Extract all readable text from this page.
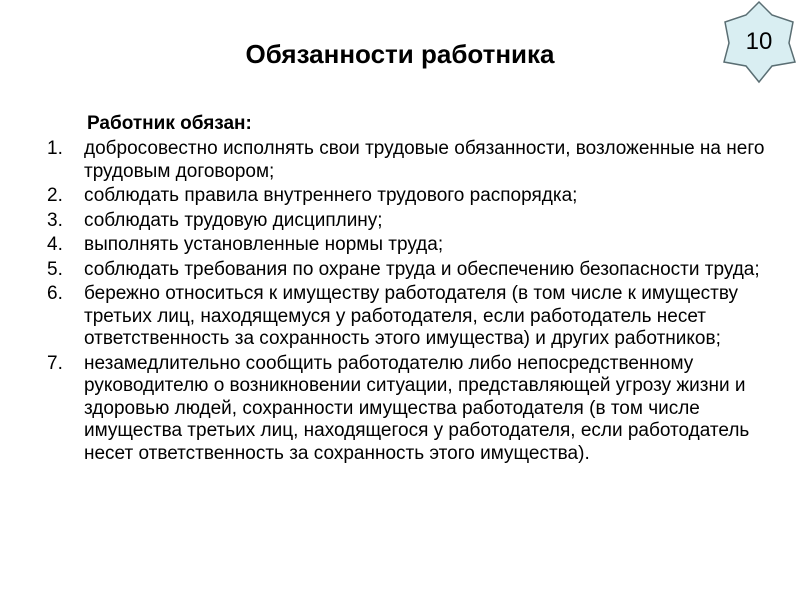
Обязанности работника	10

Работник обязан:

1. добросовестно исполнять свои трудовые обязанности, возложенные на него трудовым договором;
2. соблюдать правила внутреннего трудового распорядка;
3. соблюдать трудовую дисциплину;
4. выполнять установленные нормы труда;
5. соблюдать требования по охране труда и обеспечению безопасности труда;
6. бережно относиться к имуществу работодателя (в том числе к имуществу третьих лиц, находящемуся у работодателя, если работодатель несет ответственность за сохранность этого имущества) и других работников;
7. незамедлительно сообщить работодателю либо непосредственному руководителю о возникновении ситуации, представляющей угрозу жизни и здоровью людей, сохранности имущества работодателя (в том числе имущества третьих лиц, находящегося у работодателя, если работодатель несет ответственность за сохранность этого имущества).
